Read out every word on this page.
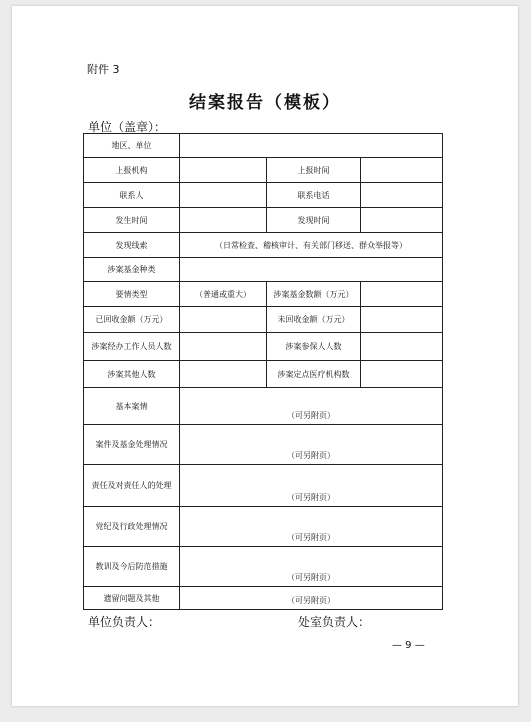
附件 3
结案报告（模板）
单位（盖章）：
地区、单位			
上报机构		上报时间	
联系人		联系电话	
发生时间		发现时间	
发现线索	（日常检查、稽核审计、有关部门移送、群众举报等）		
涉案基金种类			
要情类型	（普通或重大）	涉案基金数额（万元）	
已回收金额（万元）		未回收金额（万元）	
涉案经办工作人员人数		涉案参保人人数	
涉案其他人数		涉案定点医疗机构数	
基本案情	（可另附页）		
案件及基金处理情况	（可另附页）		
责任及对责任人的处理	（可另附页）		
党纪及行政处理情况	（可另附页）		
教训及今后防范措施	（可另附页）		
遗留问题及其他	（可另附页）		
单位负责人：	处室负责人：
— 9 —
